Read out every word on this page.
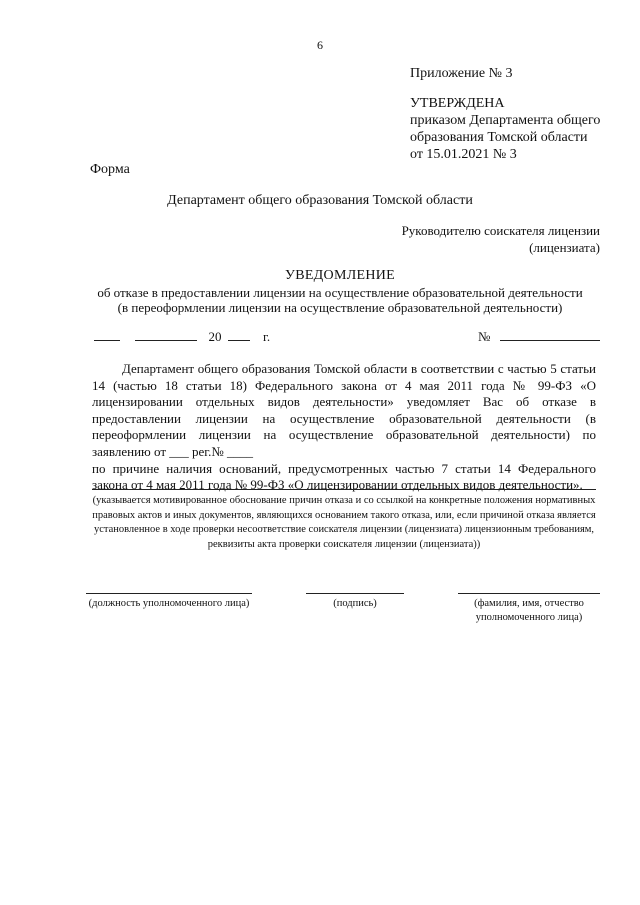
6
Приложение № 3
УТВЕРЖДЕНА
приказом Департамента общего
образования Томской области
от 15.01.2021 № 3
Форма
Департамент общего образования Томской области
Руководителю соискателя лицензии
(лицензиата)
УВЕДОМЛЕНИЕ
об отказе в предоставлении лицензии на осуществление образовательной деятельности
(в переоформлении лицензии на осуществление образовательной деятельности)
20	г.	№

Департамент общего образования Томской области в соответствии с частью 5 статьи 14 (частью 18 статьи 18) Федерального закона от 4 мая 2011 года № 99-ФЗ «О лицензировании отдельных видов деятельности» уведомляет Вас об отказе в предоставлении лицензии на осуществление образовательной деятельности (в переоформлении лицензии на осуществление образовательной деятельности) по заявлению от ___ рег.№ ____

по причине наличия оснований, предусмотренных частью 7 статьи 14 Федерального закона от 4 мая 2011 года № 99-ФЗ «О лицензировании отдельных видов деятельности».
(указывается мотивированное обоснование причин отказа и со ссылкой на конкретные положения нормативных правовых актов и иных документов, являющихся основанием такого отказа, или, если причиной отказа является установленное в ходе проверки несоответствие соискателя лицензии (лицензиата) лицензионным требованиям, реквизиты акта проверки соискателя лицензии (лицензиата))
(должность уполномоченного лица)	(подпись)	(фамилия, имя, отчество уполномоченного лица)
